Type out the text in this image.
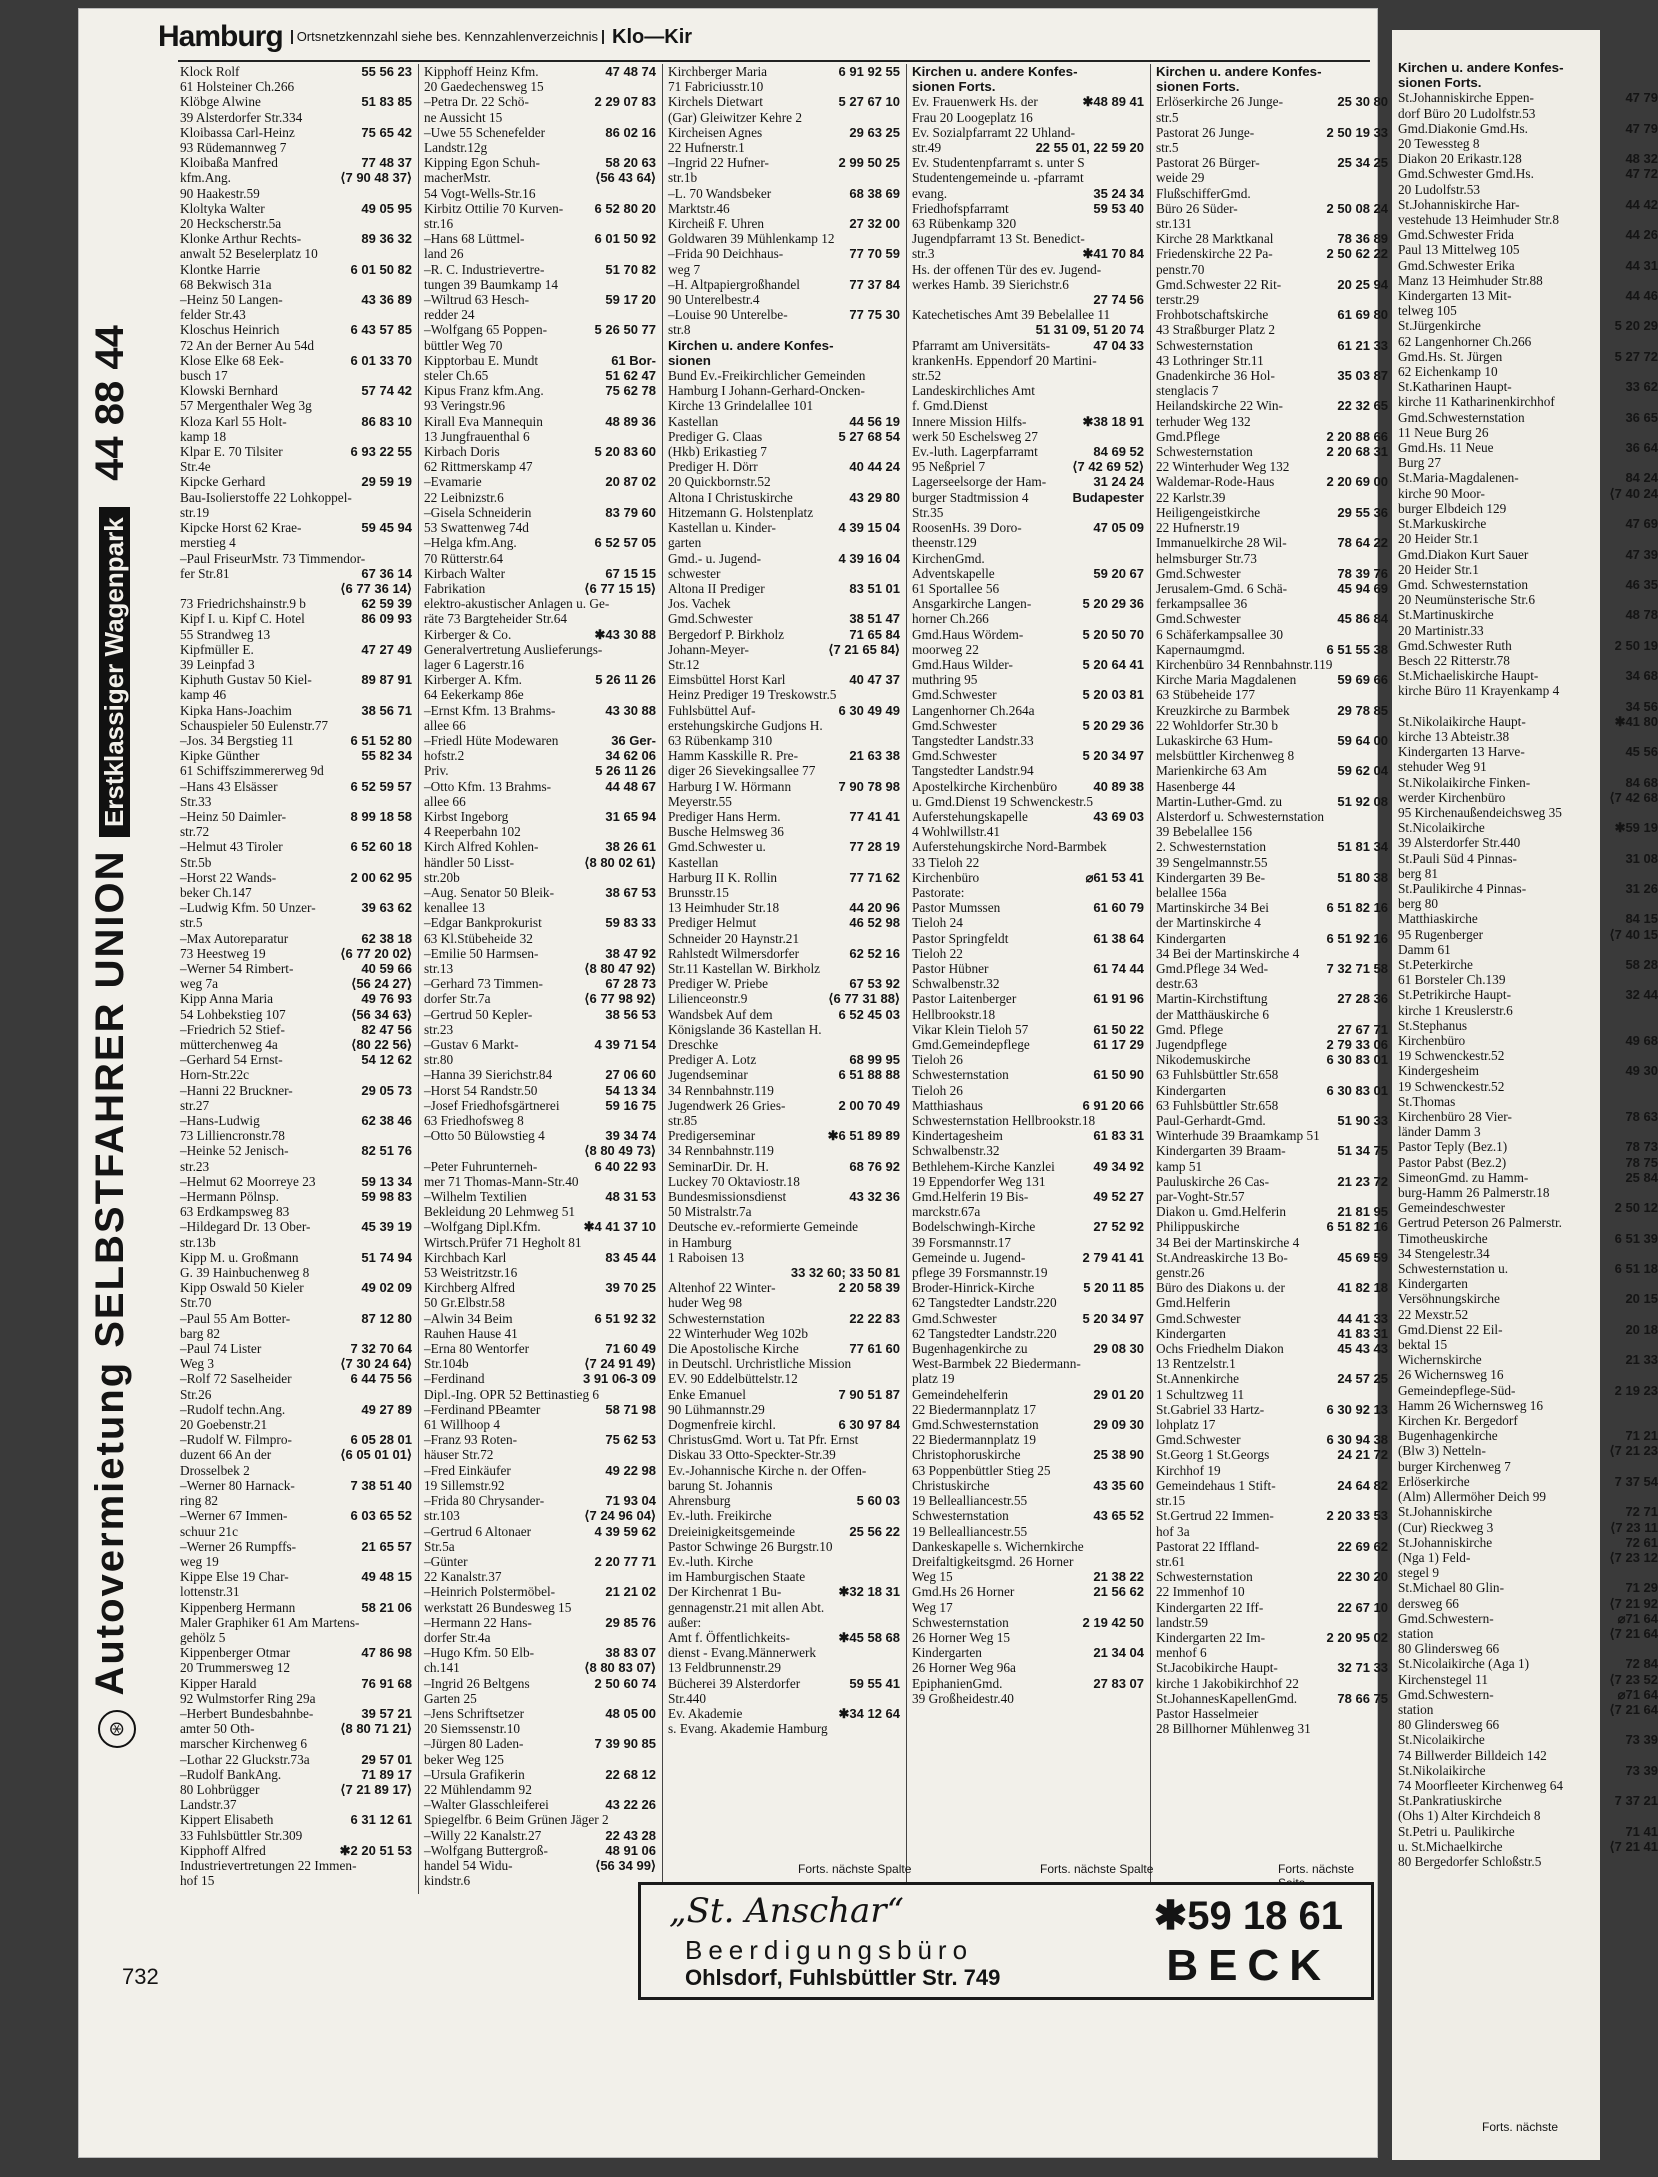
Hamburg	Ortsnetzkennzahl siehe bes. Kennzahlenverzeichnis Klo—Kir
⊛ Autovermietung SELBSTFAHRER UNION Erstklassiger Wagenpark 44 88 44
732
Klock Rolf	55 56 23
61 Holsteiner Ch.266
Klöbge Alwine	51 83 85
39 Alsterdorfer Str.334
Kloibassa Carl-Heinz	75 65 42
93 Rüdemannweg 7
Kloibaßa Manfred	77 48 37
kfm.Ang.	⟨7 90 48 37⟩
90 Haakestr.59
Kloltyka Walter	49 05 95
20 Heckscherstr.5a
Klonke Arthur Rechts-	89 36 32
anwalt 52 Beselerplatz 10
Klontke Harrie	6 01 50 82
68 Bekwisch 31a
–Heinz 50 Langen-	43 36 89
felder Str.43
Kloschus Heinrich	6 43 57 85
72 An der Berner Au 54d
Klose Elke 68 Eek-	6 01 33 70
busch 17
Klowski Bernhard	57 74 42
57 Mergenthaler Weg 3g
Kloza Karl 55 Holt-	86 83 10
kamp 18
Klpar E. 70 Tilsiter	6 93 22 55
Str.4e
Kipcke Gerhard	29 59 19
Bau-Isolierstoffe 22 Lohkoppel-
str.19
Kipcke Horst 62 Krae-	59 45 94
merstieg 4
–Paul FriseurMstr. 73 Timmendor-
fer Str.81	67 36 14
⟨6 77 36 14⟩
73 Friedrichshainstr.9 b	62 59 39
Kipf I. u. Kipf C. Hotel	86 09 93
55 Strandweg 13
Kipfmüller E.	47 27 49
39 Leinpfad 3
Kiphuth Gustav 50 Kiel-	89 87 91
kamp 46
Kipka Hans-Joachim	38 56 71
Schauspieler 50 Eulenstr.77
–Jos. 34 Bergstieg 11	6 51 52 80
Kipke Günther	55 82 34
61 Schiffszimmererweg 9d
–Hans 43 Elsässer	6 52 59 57
Str.33
–Heinz 50 Daimler-	8 99 18 58
str.72
–Helmut 43 Tiroler	6 52 60 18
Str.5b
–Horst 22 Wands-	2 00 62 95
beker Ch.147
–Ludwig Kfm. 50 Unzer-	39 63 62
str.5
–Max Autoreparatur	62 38 18
73 Heestweg 19	⟨6 77 20 02⟩
–Werner 54 Rimbert-	40 59 66
weg 7a	⟨56 24 27⟩
Kipp Anna Maria	49 76 93
54 Lohbekstieg 107	⟨56 34 63⟩
–Friedrich 52 Stief-	82 47 56
mütterchenweg 4a	⟨80 22 56⟩
–Gerhard 54 Ernst-	54 12 62
Horn-Str.22c
–Hanni 22 Bruckner-	29 05 73
str.27
–Hans-Ludwig	62 38 46
73 Lilliencronstr.78
–Heinke 52 Jenisch-	82 51 76
str.23
–Helmut 62 Moorreye 23	59 13 34
–Hermann Pölnsp.	59 98 83
63 Erdkampsweg 83
–Hildegard Dr. 13 Ober-	45 39 19
str.13b
Kipp M. u. Großmann	51 74 94
G. 39 Hainbuchenweg 8
Kipp Oswald 50 Kieler	49 02 09
Str.70
–Paul 55 Am Botter-	87 12 80
barg 82
–Paul 74 Lister	7 32 70 64
Weg 3	⟨7 30 24 64⟩
–Rolf 72 Saselheider	6 44 75 56
Str.26
–Rudolf techn.Ang.	49 27 89
20 Goebenstr.21
–Rudolf W. Filmpro-	6 05 28 01
duzent 66 An der	⟨6 05 01 01⟩
Drosselbek 2
–Werner 80 Harnack-	7 38 51 40
ring 82
–Werner 67 Immen-	6 03 65 52
schuur 21c
–Werner 26 Rumpffs-	21 65 57
weg 19
Kippe Else 19 Char-	49 48 15
lottenstr.31
Kippenberg Hermann	58 21 06
Maler Graphiker 61 Am Martens-
gehölz 5
Kippenberger Otmar	47 86 98
20 Trummersweg 12
Kipper Harald	76 91 68
92 Wulmstorfer Ring 29a
–Herbert Bundesbahnbe-	39 57 21
amter 50 Oth-	⟨8 80 71 21⟩
marscher Kirchenweg 6
–Lothar 22 Gluckstr.73a	29 57 01
–Rudolf BankAng.	71 89 17
80 Lohbrügger	⟨7 21 89 17⟩
Landstr.37
Kippert Elisabeth	6 31 12 61
33 Fuhlsbüttler Str.309
Kipphoff Alfred	✱2 20 51 53
Industrievertretungen 22 Immen-
hof 15
Kipphoff Heinz Kfm.	47 48 74
20 Gaedechensweg 15
–Petra Dr. 22 Schö-	2 29 07 83
ne Aussicht 15
–Uwe 55 Schenefelder	86 02 16
Landstr.12g
Kipping Egon Schuh-	58 20 63
macherMstr.	⟨56 43 64⟩
54 Vogt-Wells-Str.16
Kirbitz Ottilie 70 Kurven-	6 52 80 20
str.16
–Hans 68 Lüttmel-	6 01 50 92
land 26
–R. C. Industrievertre-	51 70 82
tungen 39 Baumkamp 14
–Wiltrud 63 Hesch-	59 17 20
redder 24
–Wolfgang 65 Poppen-	5 26 50 77
büttler Weg 70
Kipptorbau E. Mundt	61 Bor-
steler Ch.65	51 62 47
Kipus Franz kfm.Ang.	75 62 78
93 Veringstr.96
Kirall Eva Mannequin	48 89 36
13 Jungfrauenthal 6
Kirbach Doris	5 20 83 60
62 Rittmerskamp 47
–Evamarie	20 87 02
22 Leibnizstr.6
–Gisela Schneiderin	83 79 60
53 Swattenweg 74d
–Helga kfm.Ang.	6 52 57 05
70 Rütterstr.64
Kirbach Walter	67 15 15
Fabrikation	⟨6 77 15 15⟩
elektro-akustischer Anlagen u. Ge-
räte 73 Bargteheider Str.64
Kirberger & Co.	✱43 30 88
Generalvertretung Auslieferungs-
lager 6 Lagerstr.16
Kirberger A. Kfm.	5 26 11 26
64 Eekerkamp 86e
–Ernst Kfm. 13 Brahms-	43 30 88
allee 66
–Friedl Hüte Modewaren	36 Ger-
hofstr.2	34 62 06
Priv.	5 26 11 26
–Otto Kfm. 13 Brahms-	44 48 67
allee 66
Kirbst Ingeborg	31 65 94
4 Reeperbahn 102
Kirch Alfred Kohlen-	38 26 61
händler 50 Lisst-	⟨8 80 02 61⟩
str.20b
–Aug. Senator 50 Bleik-	38 67 53
kenallee 13
–Edgar Bankprokurist	59 83 33
63 Kl.Stübeheide 32
–Emilie 50 Harmsen-	38 47 92
str.13	⟨8 80 47 92⟩
–Gerhard 73 Timmen-	67 28 73
dorfer Str.7a	⟨6 77 98 92⟩
–Gertrud 50 Kepler-	38 56 53
str.23
–Gustav 6 Markt-	4 39 71 54
str.80
–Hanna 39 Sierichstr.84	27 06 60
–Horst 54 Randstr.50	54 13 34
–Josef Friedhofsgärtnerei	59 16 75
63 Friedhofsweg 8
–Otto 50 Bülowstieg 4	39 34 74
⟨8 80 49 73⟩
–Peter Fuhrunterneh-	6 40 22 93
mer 71 Thomas-Mann-Str.40
–Wilhelm Textilien	48 31 53
Bekleidung 20 Lehmweg 51
–Wolfgang Dipl.Kfm.	✱4 41 37 10
Wirtsch.Prüfer 71 Hegholt 81
Kirchbach Karl	83 45 44
53 Weistritzstr.16
Kirchberg Alfred	39 70 25
50 Gr.Elbstr.58
–Alwin 34 Beim	6 51 92 32
Rauhen Hause 41
–Erna 80 Wentorfer	71 60 49
Str.104b	⟨7 24 91 49⟩
–Ferdinand	3 91 06-3 09
Dipl.-Ing. OPR 52 Bettinastieg 6
–Ferdinand PBeamter	58 71 98
61 Willhoop 4
–Franz 93 Roten-	75 62 53
häuser Str.72
–Fred Einkäufer	49 22 98
19 Sillemstr.92
–Frida 80 Chrysander-	71 93 04
str.103	⟨7 24 96 04⟩
–Gertrud 6 Altonaer	4 39 59 62
Str.5a
–Günter	2 20 77 71
22 Kanalstr.37
–Heinrich Polstermöbel-	21 21 02
werkstatt 26 Bundesweg 15
–Hermann 22 Hans-	29 85 76
dorfer Str.4a
–Hugo Kfm. 50 Elb-	38 83 07
ch.141	⟨8 80 83 07⟩
–Ingrid 26 Beltgens	2 50 60 74
Garten 25
–Jens Schriftsetzer	48 05 00
20 Siemssenstr.10
–Jürgen 80 Laden-	7 39 90 85
beker Weg 125
–Ursula Grafikerin	22 68 12
22 Mühlendamm 92
–Walter Glasschleiferei	43 22 26
Spiegelfbr. 6 Beim Grünen Jäger 2
–Willy 22 Kanalstr.27	22 43 28
–Wolfgang Buttergroß-	48 91 06
handel 54 Widu-	⟨56 34 99⟩
kindstr.6
Kirchberger Maria	6 91 92 55
71 Fabriciusstr.10
Kirchels Dietwart	5 27 67 10
(Gar) Gleiwitzer Kehre 2
Kircheisen Agnes	29 63 25
22 Hufnerstr.1
–Ingrid 22 Hufner-	2 99 50 25
str.1b
–L. 70 Wandsbeker	68 38 69
Marktstr.46
Kircheiß F. Uhren	27 32 00
Goldwaren 39 Mühlenkamp 12
–Frida 90 Deichhaus-	77 70 59
weg 7
–H. Altpapiergroßhandel	77 37 84
90 Unterelbestr.4
–Louise 90 Unterelbe-	77 75 30
str.8
Kirchen u. andere Konfes-
sionen
Bund Ev.-Freikirchlicher Gemeinden
Hamburg I Johann-Gerhard-Oncken-
Kirche 13 Grindelallee 101
Kastellan	44 56 19
Prediger G. Claas	5 27 68 54
(Hkb) Erikastieg 7
Prediger H. Dörr	40 44 24
20 Quickbornstr.52
Altona I Christuskirche	43 29 80
Hitzemann G. Holstenplatz
Kastellan u. Kinder-	4 39 15 04
garten
Gmd.- u. Jugend-	4 39 16 04
schwester
Altona II Prediger	83 51 01
Jos. Vachek
Gmd.Schwester	38 51 47
Bergedorf P. Birkholz	71 65 84
Johann-Meyer-	⟨7 21 65 84⟩
Str.12
Eimsbüttel Horst Karl	40 47 37
Heinz Prediger 19 Treskowstr.5
Fuhlsbüttel Auf-	6 30 49 49
erstehungskirche Gudjons H.
63 Rübenkamp 310
Hamm Kasskille R. Pre-	21 63 38
diger 26 Sievekingsallee 77
Harburg I W. Hörmann	7 90 78 98
Meyerstr.55
Prediger Hans Herm.	77 41 41
Buschе Helmsweg 36
Gmd.Schwester u.	77 28 19
Kastellan
Harburg II K. Rollin	77 71 62
Brunsstr.15
13 Heimhuder Str.18	44 20 96
Prediger Helmut	46 52 98
Schneider 20 Haynstr.21
Rahlstedt Wilmersdorfer	62 52 16
Str.11 Kastellan W. Birkholz
Prediger W. Priebe	67 53 92
Lilienceonstr.9	⟨6 77 31 88⟩
Wandsbek Auf dem	6 52 45 03
Königslande 36 Kastellan H.
Dreschke
Prediger A. Lotz	68 99 95
Jugendseminar	6 51 88 88
34 Rennbahnstr.119
Jugendwerk 26 Gries-	2 00 70 49
str.85
Predigerseminar	✱6 51 89 89
34 Rennbahnstr.119
SeminarDir. Dr. H.	68 76 92
Luckey 70 Oktaviostr.18
Bundesmissionsdienst	43 32 36
50 Mistralstr.7a
Deutsche ev.-reformierte Gemeinde
in Hamburg
1 Raboisen 13
33 32 60; 33 50 81
Altenhof 22 Winter-	2 20 58 39
huder Weg 98
Schwesternstation	22 22 83
22 Winterhuder Weg 102b
Die Apostolische Kirche	77 61 60
in Deutschl. Urchristliche Mission
EV. 90 Eddelbüttelstr.12
Enke Emanuel	7 90 51 87
90 Lühmannstr.29
Dogmenfreie kirchl.	6 30 97 84
ChristusGmd. Wort u. Tat Pfr. Ernst
Diskau 33 Otto-Speckter-Str.39
Ev.-Johannische Kirche n. der Offen-
barung St. Johannis
Ahrensburg	5 60 03
Ev.-luth. Freikirche
Dreieinigkeitsgemeinde	25 56 22
Pastor Schwinge 26 Burgstr.10
Ev.-luth. Kirche
im Hamburgischen Staate
Der Kirchenrat 1 Bu-	✱32 18 31
gennagenstr.21 mit allen Abt.
außer:
Amt f. Öffentlichkeits-	✱45 58 68
dienst - Evang.Männerwerk
13 Feldbrunnenstr.29
Bücherei 39 Alsterdorfer	59 55 41
Str.440
Ev. Akademie	✱34 12 64
s. Evang. Akademie Hamburg
Kirchen u. andere Konfes-
sionen Forts.
Ev. Frauenwerk Hs. der	✱48 89 41
Frau 20 Loogeplatz 16
Ev. Sozialpfarramt 22 Uhland-
str.49	22 55 01, 22 59 20
Ev. Studentenpfarramt s. unter S
Studentengemeinde u. -pfarramt
evang.	35 24 34
Friedhofspfarramt	59 53 40
63 Rübenkamp 320
Jugendpfarramt 13 St. Benedict-
str.3	✱41 70 84
Hs. der offenen Tür des ev. Jugend-
werkes Hamb. 39 Sierichstr.6
27 74 56
Katechetisches Amt 39 Bebelallee 11
51 31 09, 51 20 74
Pfarramt am Universitäts-	47 04 33
krankenHs. Eppendorf 20 Martini-
str.52
Landeskirchliches Amt
f. Gmd.Dienst
Innere Mission Hilfs-	✱38 18 91
werk 50 Eschelsweg 27
Ev.-luth. Lagerpfarramt	84 69 52
95 Neßpriel 7	⟨7 42 69 52⟩
Lagerseelsorge der Ham-	31 24 24
burger Stadtmission 4	Budapester
Str.35
RoosenHs. 39 Doro-	47 05 09
theenstr.129
KirchenGmd.
Adventskapelle	59 20 67
61 Sportallee 56
Ansgarkirche Langen-	5 20 29 36
horner Ch.266
Gmd.Haus Wördem-	5 20 50 70
moorweg 22
Gmd.Haus Wilder-	5 20 64 41
muthring 95
Gmd.Schwester	5 20 03 81
Langenhorner Ch.264a
Gmd.Schwester	5 20 29 36
Tangstedter Landstr.33
Gmd.Schwester	5 20 34 97
Tangstedter Landstr.94
Apostelkirche Kirchenbüro	40 89 38
u. Gmd.Dienst 19 Schwenckestr.5
Auferstehungskapelle	43 69 03
4 Wohlwillstr.41
Auferstehungskirche Nord-Barmbek
33 Tieloh 22
Kirchenbüro	⌀61 53 41
Pastorate:
Pastor Mumssen	61 60 79
Tieloh 24
Pastor Springfeldt	61 38 64
Tieloh 22
Pastor Hübner	61 74 44
Schwalbenstr.32
Pastor Laitenberger	61 91 96
Hellbrookstr.18
Vikar Klein Tieloh 57	61 50 22
Gmd.Gemeindepflege	61 17 29
Tieloh 26
Schwesternstation	61 50 90
Tieloh 26
Matthiashaus	6 91 20 66
Schwesternstation Hellbrookstr.18
Kindertagesheim	61 83 31
Schwalbenstr.32
Bethlehem-Kirche Kanzlei	49 34 92
19 Eppendorfer Weg 131
Gmd.Helferin 19 Bis-	49 52 27
marckstr.67a
Bodelschwingh-Kirche	27 52 92
39 Forsmannstr.17
Gemeinde u. Jugend-	2 79 41 41
pflege 39 Forsmannstr.19
Broder-Hinrick-Kirche	5 20 11 85
62 Tangstedter Landstr.220
Gmd.Schwester	5 20 34 97
62 Tangstedter Landstr.220
Bugenhagenkirche zu	29 08 30
West-Barmbek 22 Biedermann-
platz 19
Gemeindehelferin	29 01 20
22 Biedermannplatz 17
Gmd.Schwesternstation	29 09 30
22 Biedermannplatz 19
Christophoruskirche	25 38 90
63 Poppenbüttler Stieg 25
Christuskirche	43 35 60
19 Bellealliancestr.55
Schwesternstation	43 65 52
19 Bellealliancestr.55
Dankeskapelle s. Wichernkirche
Dreifaltigkeitsgmd. 26 Horner
Weg 15	21 38 22
Gmd.Hs 26 Horner	21 56 62
Weg 17
Schwesternstation	2 19 42 50
26 Horner Weg 15
Kindergarten	21 34 04
26 Horner Weg 96a
EpiphanienGmd.	27 83 07
39 Großheidestr.40
Kirchen u. andere Konfes-
sionen Forts.
Erlöserkirche 26 Junge-	25 30 80
str.5
Pastorat 26 Junge-	2 50 19 33
str.5
Pastorat 26 Bürger-	25 34 25
weide 29
FlußschifferGmd.
Büro 26 Süder-	2 50 08 24
str.131
Kirche 28 Marktkanal	78 36 89
Friedenskirche 22 Pa-	2 50 62 22
penstr.70
Gmd.Schwester 22 Rit-	20 25 94
terstr.29
Frohbotschaftskirche	61 69 80
43 Straßburger Platz 2
Schwesternstation	61 21 33
43 Lothringer Str.11
Gnadenkirche 36 Hol-	35 03 87
stenglacis 7
Heilandskirche 22 Win-	22 32 65
terhuder Weg 132
Gmd.Pflege	2 20 88 66
Schwesternstation	2 20 68 31
22 Winterhuder Weg 132
Waldemar-Rode-Haus	2 20 69 00
22 Karlstr.39
Heiligengeistkirche	29 55 36
22 Hufnerstr.19
Immanuelkirche 28 Wil-	78 64 22
helmsburger Str.73
Gmd.Schwester	78 39 76
Jerusalem-Gmd. 6 Schä-	45 94 69
ferkampsallee 36
Gmd.Schwester	45 86 84
6 Schäferkampsallee 30
Kapernaumgmd.	6 51 55 38
Kirchenbüro 34 Rennbahnstr.119
Kirche Maria Magdalenen	59 69 66
63 Stübeheide 177
Kreuzkirche zu Barmbek	29 78 85
22 Wohldorfer Str.30 b
Lukaskirche 63 Hum-	59 64 00
melsbüttler Kirchenweg 8
Marienkirche 63 Am	59 62 04
Hasenberge 44
Martin-Luther-Gmd. zu	51 92 08
Alsterdorf u. Schwesternstation
39 Bebelallee 156
2. Schwesternstation	51 81 34
39 Sengelmannstr.55
Kindergarten 39 Be-	51 80 38
belallee 156a
Martinskirche 34 Bei	6 51 82 16
der Martinskirche 4
Kindergarten	6 51 92 16
34 Bei der Martinskirche 4
Gmd.Pflege 34 Wed-	7 32 71 58
destr.63
Martin-Kirchstiftung	27 28 36
der Matthäuskirche 6
Gmd. Pflege	27 67 71
Jugendpflege	2 79 33 06
Nikodemuskirche	6 30 83 01
63 Fuhlsbüttler Str.658
Kindergarten	6 30 83 01
63 Fuhlsbüttler Str.658
Paul-Gerhardt-Gmd.	51 90 33
Winterhude 39 Braamkamp 51
Kindergarten 39 Braam-	51 34 75
kamp 51
Pauluskirche 26 Cas-	21 23 72
par-Voght-Str.57
Diakon u. Gmd.Helferin	21 81 95
Philippuskirche	6 51 82 16
34 Bei der Martinskirche 4
St.Andreaskirche 13 Bo-	45 69 59
genstr.26
Büro des Diakons u. der	41 82 18
Gmd.Helferin
Gmd.Schwester	44 41 33
Kindergarten	41 83 31
Ochs Friedhelm Diakon	45 43 43
13 Rentzelstr.1
St.Annenkirche	24 57 25
1 Schultzweg 11
St.Gabriel 33 Hartz-	6 30 92 13
lohplatz 17
Gmd.Schwester	6 30 94 38
St.Georg 1 St.Georgs	24 21 72
Kirchhof 19
Gemeindehaus 1 Stift-	24 64 82
str.15
St.Gertrud 22 Immen-	2 20 33 53
hof 3a
Pastorat 22 Iffland-	22 69 62
str.61
Schwesternstation	22 30 20
22 Immenhof 10
Kindergarten 22 Iff-	22 67 10
landstr.59
Kindergarten 22 Im-	2 20 95 02
menhof 6
St.Jacobikirche Haupt-	32 71 33
kirche 1 Jakobikirchhof 22
St.JohannesKapellenGmd.	78 66 75
Pastor Hasselmeier
28 Billhorner Mühlenweg 31
Forts. nächste Spalte	Forts. nächste Spalte	Forts. nächste
„St. Anschar“
Beerdigungsbüro
Ohlsdorf, Fuhlsbüttler Str. 749
✱59 18 61
BECK
Kirchen u. andere Konfes-
sionen Forts.
St.Johanniskirche Eppen-	47 79
dorf Büro 20 Ludolfstr.53
Gmd.Diakonie Gmd.Hs.	47 79
20 Tewessteg 8
Diakon 20 Erikastr.128	48 32
Gmd.Schwester Gmd.Hs.	47 72
20 Ludolfstr.53
St.Johanniskirche Har-	44 42
vestehude 13 Heimhuder Str.8
Gmd.Schwester Frida	44 26
Paul 13 Mittelweg 105
Gmd.Schwester Erika	44 31
Manz 13 Heimhuder Str.88
Kindergarten 13 Mit-	44 46
telweg 105
St.Jürgenkirche	5 20 29
62 Langenhorner Ch.266
Gmd.Hs. St. Jürgen	5 27 72
62 Eichenkamp 10
St.Katharinen Haupt-	33 62
kirche 11 Katharinenkirchhof
Gmd.Schwesternstation	36 65
11 Neue Burg 26
Gmd.Hs. 11 Neue	36 64
Burg 27
St.Maria-Magdalenen-	84 24
kirche 90 Moor-	⟨7 40 24
burger Elbdeich 129
St.Markuskirche	47 69
20 Heider Str.1
Gmd.Diakon Kurt Sauer	47 39
20 Heider Str.1
Gmd. Schwesternstation	46 35
20 Neumünsterische Str.6
St.Martinuskirche	48 78
20 Martinistr.33
Gmd.Schwester Ruth	2 50 19
Besch 22 Ritterstr.78
St.Michaeliskirche Haupt-	34 68
kirche Büro 11 Krayenkamp 4
34 56
St.Nikolaikirche Haupt-	✱41 80
kirche 13 Abteistr.38
Kindergarten 13 Harve-	45 56
stehuder Weg 91
St.Nikolaikirche Finken-	84 68
werder Kirchenbüro	⟨7 42 68
95 Kirchenaußendeichsweg 35
St.Nicolaikirche	✱59 19
39 Alsterdorfer Str.440
St.Pauli Süd 4 Pinnas-	31 08
berg 81
St.Paulikirche 4 Pinnas-	31 26
berg 80
Matthiaskirche	84 15
95 Rugenberger	⟨7 40 15
Damm 61
St.Peterkirche	58 28
61 Borsteler Ch.139
St.Petrikirche Haupt-	32 44
kirche 1 Kreuslerstr.6
St.Stephanus
Kirchenbüro	49 68
19 Schwenckestr.52
Kindergesheim	49 30
19 Schwenckestr.52
St.Thomas
Kirchenbüro 28 Vier-	78 63
länder Damm 3
Pastor Teply (Bez.1)	78 73
Pastor Pabst (Bez.2)	78 75
SimeonGmd. zu Hamm-	25 84
burg-Hamm 26 Palmerstr.18
Gemeindeschwester	2 50 12
Gertrud Peterson 26 Palmerstr.
Timotheuskirche	6 51 39
34 Stengelestr.34
Schwesternstation u.	6 51 18
Kindergarten
Versöhnungskirche	20 15
22 Mexstr.52
Gmd.Dienst 22 Eil-	20 18
bektal 15
Wichernskirche	21 33
26 Wichernsweg 16
Gemeindepflege-Süd-	2 19 23
Hamm 26 Wichernsweg 16
Kirchen Kr. Bergedorf
Bugenhagenkirche	71 21
(Blw 3) Netteln-	⟨7 21 23
burger Kirchenweg 7
Erlöserkirche	7 37 54
(Alm) Allermöher Deich 99
St.Johanniskirche	72 71
(Cur) Rieckweg 3	⟨7 23 11
St.Johanniskirche	72 61
(Nga 1) Feld-	⟨7 23 12
stegel 9
St.Michael 80 Glin-	71 29
dersweg 66	⟨7 21 92
Gmd.Schwestern-	⌀71 64
station	⟨7 21 64
80 Glindersweg 66
St.Nicolaikirche (Aga 1)	72 84
Kirchenstegel 11	⟨7 23 52
Gmd.Schwestern-	⌀71 64
station	⟨7 21 64
80 Glindersweg 66
St.Nicolaikirche	73 39
74 Billwerder Billdeich 142
St.Nikolaikirche	73 39
74 Moorfleeter Kirchenweg 64
St.Pankratiuskirche	7 37 21
(Ohs 1) Alter Kirchdeich 8
St.Petri u. Paulikirche	71 41
u. St.Michaelkirche	⟨7 21 41
80 Bergedorfer Schloßstr.5
Forts. nächste
